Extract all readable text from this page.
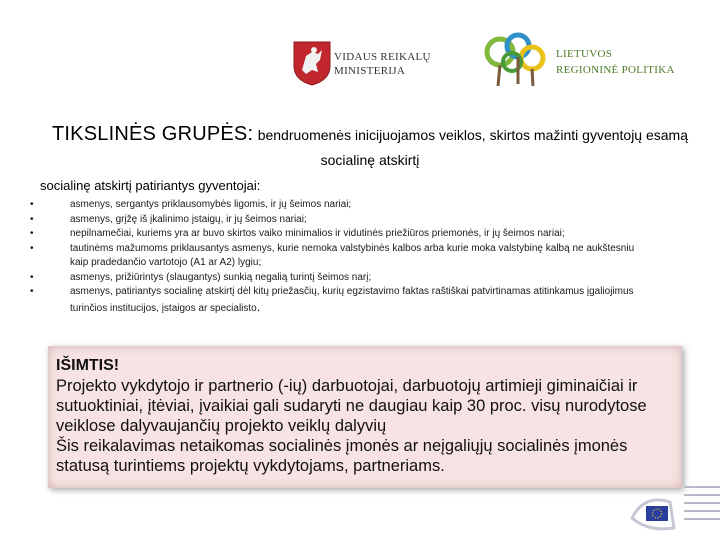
VIDAUS REIKALŲ
MINISTERIJA
LIETUVOS
REGIONINĖ POLITIKA
TIKSLINĖS GRUPĖS: bendruomenės inicijuojamos veiklos, skirtos mažinti gyventojų esamą socialinę atskirtį
socialinę atskirtį patiriantys gyventojai:
•	asmenys, sergantys priklausomybės ligomis, ir jų šeimos nariai;
•	asmenys, grįžę iš įkalinimo įstaigų, ir jų šeimos nariai;
•	nepilnamečiai, kuriems yra ar buvo skirtos vaiko minimalios ir vidutinės priežiūros priemonės, ir jų šeimos nariai;
•	tautinėms mažumoms priklausantys asmenys, kurie nemoka valstybinės kalbos arba kurie moka valstybinę kalbą ne aukštesniu kaip pradedančio vartotojo (A1 ar A2) lygiu;
•	asmenys, prižiūrintys (slaugantys) sunkią negalią turintį šeimos narį;
•	asmenys, patiriantys socialinę atskirtį dėl kitų priežasčių, kurių egzistavimo faktas raštiškai patvirtinamas atitinkamus įgaliojimus turinčios institucijos, įstaigos ar specialisto.
IŠIMTIS!
Projekto vykdytojo ir partnerio (-ių) darbuotojai, darbuotojų artimieji giminaičiai ir sutuoktiniai, įtėviai, įvaikiai gali sudaryti ne daugiau kaip 30 proc. visų nurodytose veiklose dalyvaujančių projekto veiklų dalyvių
Šis reikalavimas netaikomas socialinės įmonės ar neįgaliųjų socialinės įmonės statusą turintiems projektų vykdytojams, partneriams.
